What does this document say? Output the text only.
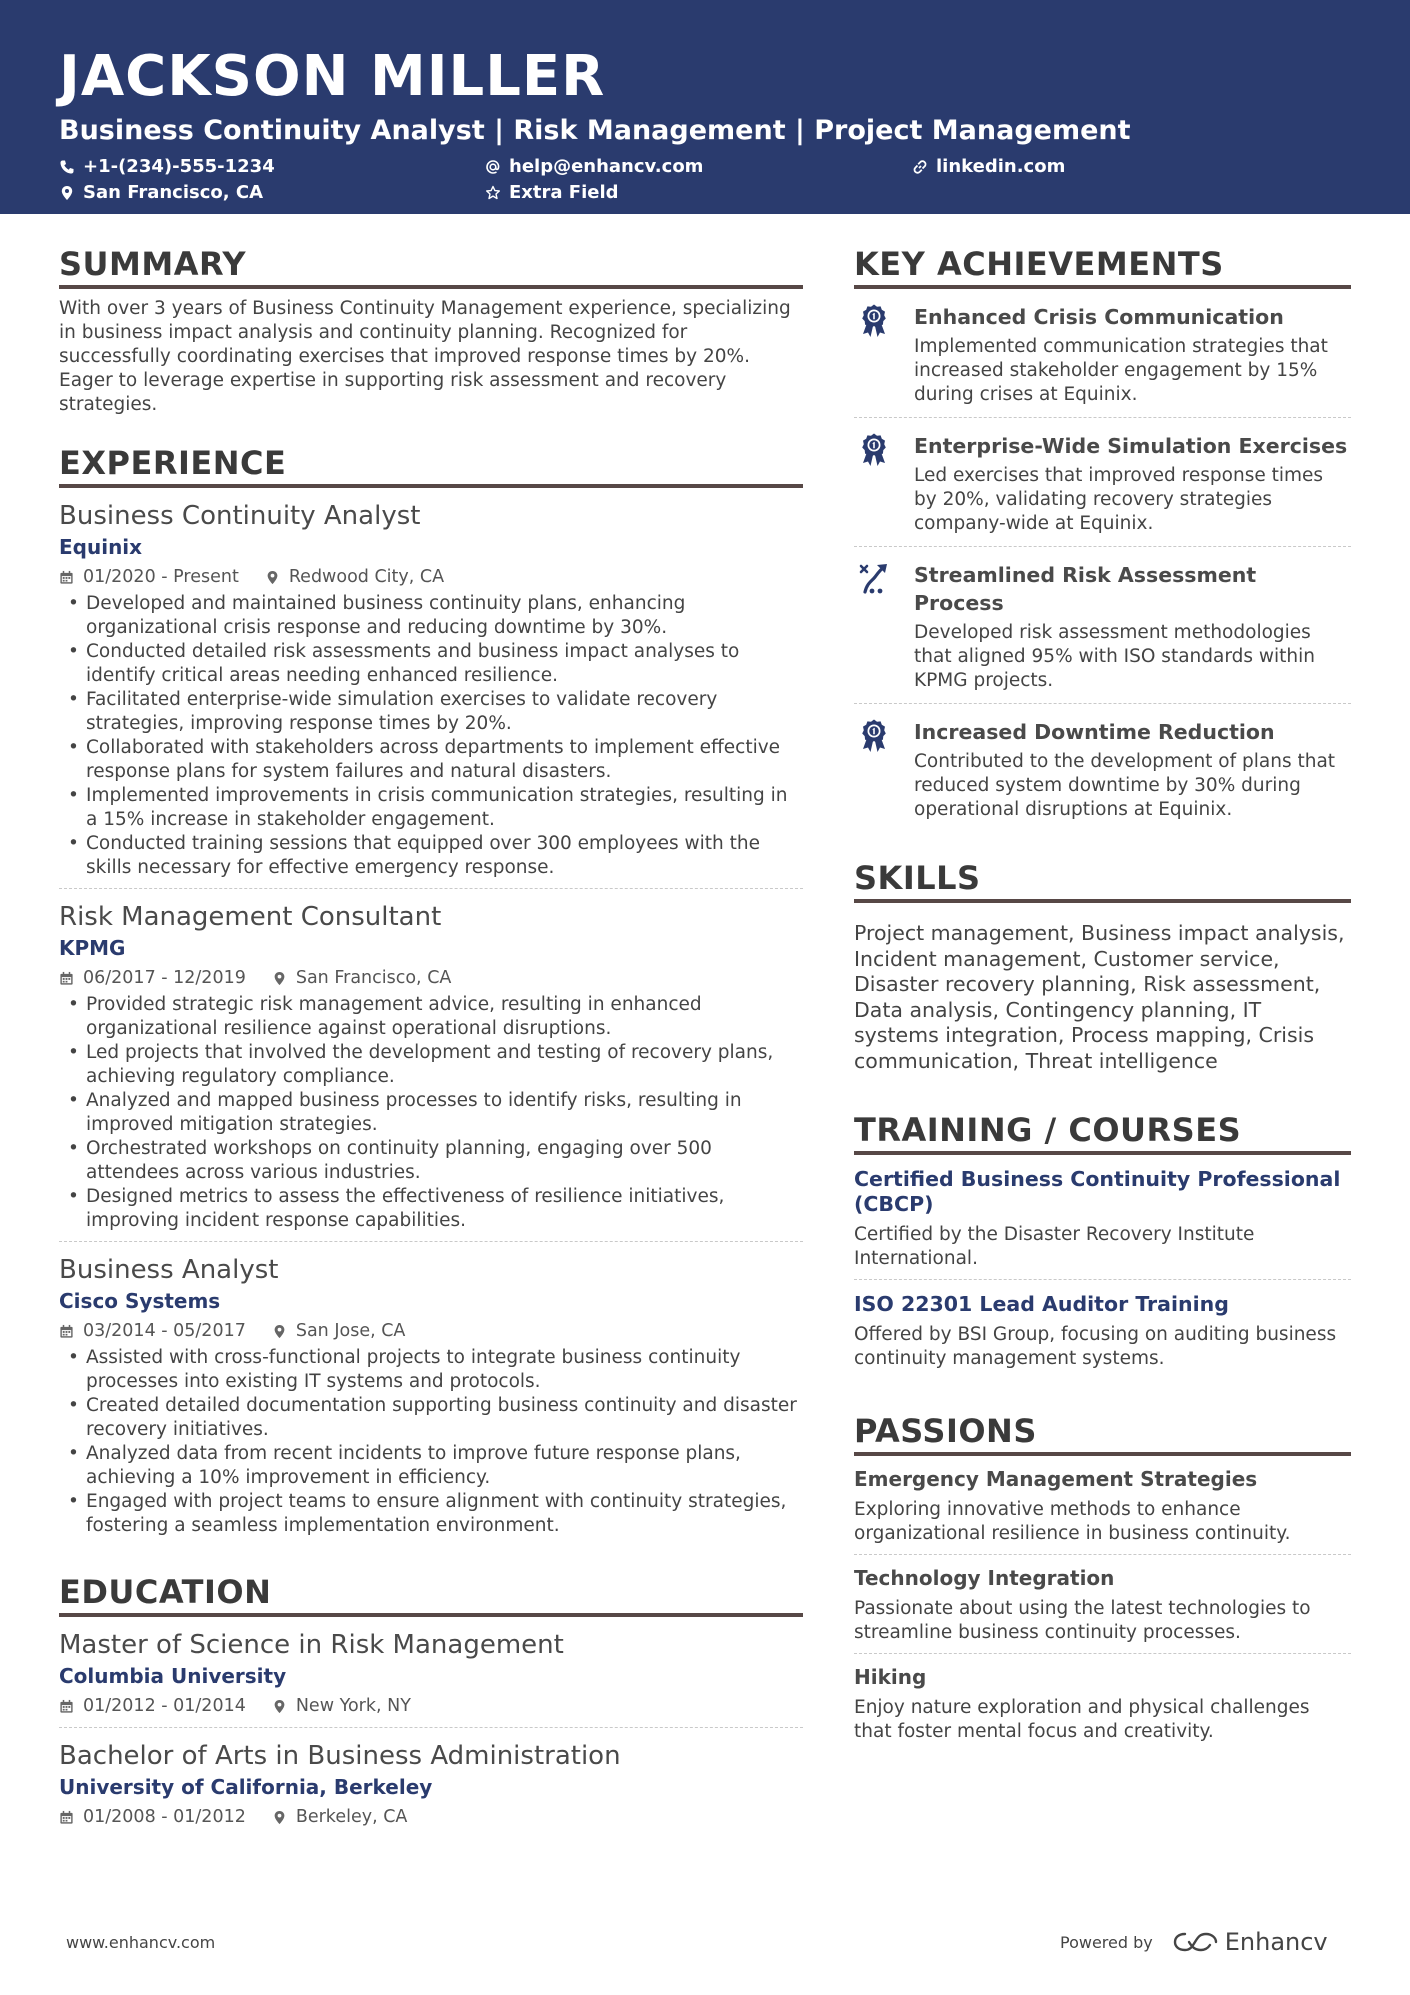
JACKSON MILLER
Business Continuity Analyst | Risk Management | Project Management
+1-(234)-555-1234	help@enhancv.com	linkedin.com
San Francisco, CA	Extra Field
SUMMARY
With over 3 years of Business Continuity Management experience, specializing in business impact analysis and continuity planning. Recognized for successfully coordinating exercises that improved response times by 20%. Eager to leverage expertise in supporting risk assessment and recovery strategies.
EXPERIENCE
Business Continuity Analyst
Equinix
01/2020 - Present	Redwood City, CA
• Developed and maintained business continuity plans, enhancing organizational crisis response and reducing downtime by 30%.
• Conducted detailed risk assessments and business impact analyses to identify critical areas needing enhanced resilience.
• Facilitated enterprise-wide simulation exercises to validate recovery strategies, improving response times by 20%.
• Collaborated with stakeholders across departments to implement effective response plans for system failures and natural disasters.
• Implemented improvements in crisis communication strategies, resulting in a 15% increase in stakeholder engagement.
• Conducted training sessions that equipped over 300 employees with the skills necessary for effective emergency response.
Risk Management Consultant
KPMG
06/2017 - 12/2019	San Francisco, CA
• Provided strategic risk management advice, resulting in enhanced organizational resilience against operational disruptions.
• Led projects that involved the development and testing of recovery plans, achieving regulatory compliance.
• Analyzed and mapped business processes to identify risks, resulting in improved mitigation strategies.
• Orchestrated workshops on continuity planning, engaging over 500 attendees across various industries.
• Designed metrics to assess the effectiveness of resilience initiatives, improving incident response capabilities.
Business Analyst
Cisco Systems
03/2014 - 05/2017	San Jose, CA
• Assisted with cross-functional projects to integrate business continuity processes into existing IT systems and protocols.
• Created detailed documentation supporting business continuity and disaster recovery initiatives.
• Analyzed data from recent incidents to improve future response plans, achieving a 10% improvement in efficiency.
• Engaged with project teams to ensure alignment with continuity strategies, fostering a seamless implementation environment.
EDUCATION
Master of Science in Risk Management
Columbia University
01/2012 - 01/2014	New York, NY
Bachelor of Arts in Business Administration
University of California, Berkeley
01/2008 - 01/2012	Berkeley, CA
KEY ACHIEVEMENTS
Enhanced Crisis Communication
Implemented communication strategies that increased stakeholder engagement by 15% during crises at Equinix.
Enterprise-Wide Simulation Exercises
Led exercises that improved response times by 20%, validating recovery strategies company-wide at Equinix.
Streamlined Risk Assessment Process
Developed risk assessment methodologies that aligned 95% with ISO standards within KPMG projects.
Increased Downtime Reduction
Contributed to the development of plans that reduced system downtime by 30% during operational disruptions at Equinix.
SKILLS
Project management, Business impact analysis, Incident management, Customer service, Disaster recovery planning, Risk assessment, Data analysis, Contingency planning, IT systems integration, Process mapping, Crisis communication, Threat intelligence
TRAINING / COURSES
Certified Business Continuity Professional (CBCP)
Certified by the Disaster Recovery Institute International.
ISO 22301 Lead Auditor Training
Offered by BSI Group, focusing on auditing business continuity management systems.
PASSIONS
Emergency Management Strategies
Exploring innovative methods to enhance organizational resilience in business continuity.
Technology Integration
Passionate about using the latest technologies to streamline business continuity processes.
Hiking
Enjoy nature exploration and physical challenges that foster mental focus and creativity.
www.enhancv.com	Powered by	Enhancv
